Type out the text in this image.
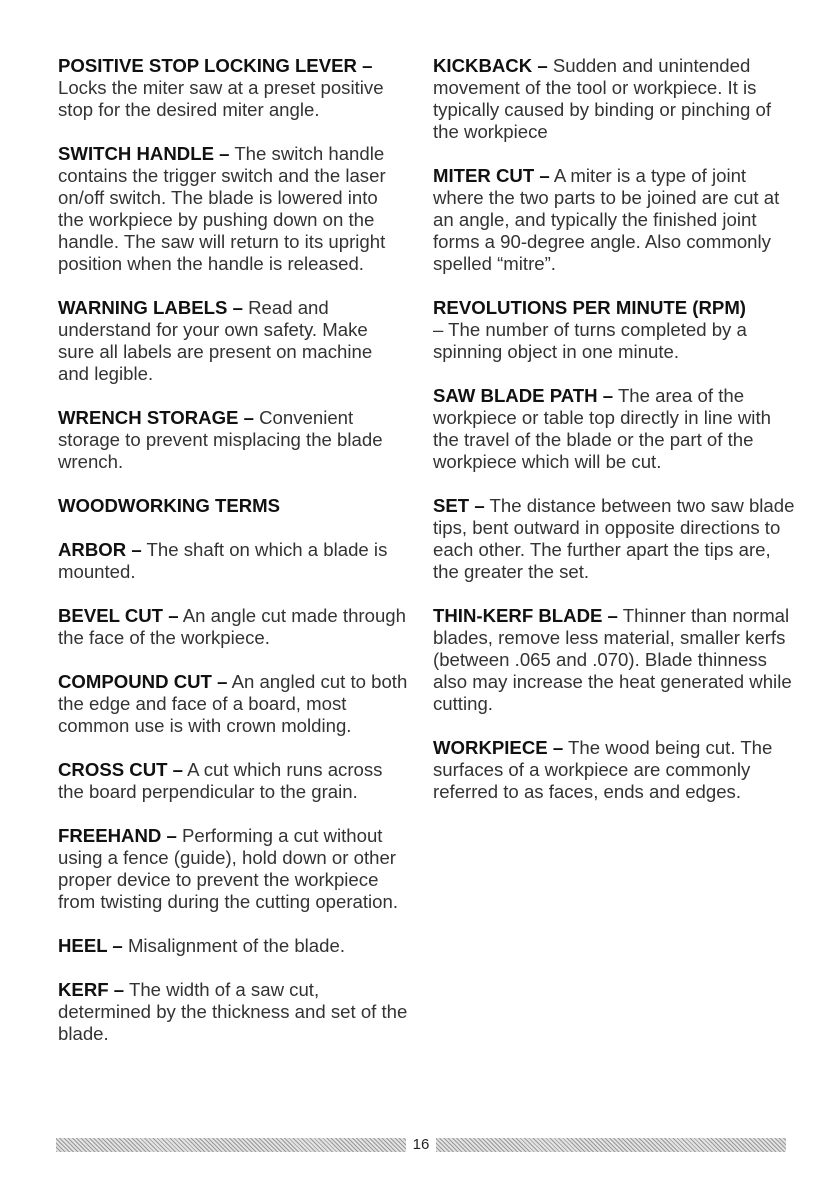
POSITIVE STOP LOCKING LEVER – Locks the miter saw at a preset positive stop for the desired miter angle.

SWITCH HANDLE – The switch handle contains the trigger switch and the laser on/off switch. The blade is lowered into the workpiece by pushing down on the handle. The saw will return to its upright position when the handle is released.

WARNING LABELS – Read and understand for your own safety. Make sure all labels are present on machine and legible.

WRENCH STORAGE – Convenient storage to prevent misplacing the blade wrench.

WOODWORKING TERMS

ARBOR – The shaft on which a blade is mounted.

BEVEL CUT – An angle cut made through the face of the workpiece.

COMPOUND CUT – An angled cut to both the edge and face of a board, most common use is with crown molding.

CROSS CUT – A cut which runs across the board perpendicular to the grain.

FREEHAND – Performing a cut without using a fence (guide), hold down or other proper device to prevent the workpiece from twisting during the cutting operation.

HEEL – Misalignment of the blade.

KERF – The width of a saw cut, determined by the thickness and set of the blade.

KICKBACK – Sudden and unintended movement of the tool or workpiece. It is typically caused by binding or pinching of the workpiece

MITER CUT – A miter is a type of joint where the two parts to be joined are cut at an angle, and typically the finished joint forms a 90-degree angle. Also commonly spelled “mitre”.

REVOLUTIONS PER MINUTE (RPM)
– The number of turns completed by a spinning object in one minute.

SAW BLADE PATH – The area of the workpiece or table top directly in line with the travel of the blade or the part of the workpiece which will be cut.

SET – The distance between two saw blade tips, bent outward in opposite directions to each other. The further apart the tips are, the greater the set.

THIN-KERF BLADE – Thinner than normal blades, remove less material, smaller kerfs (between .065 and .070). Blade thinness also may increase the heat generated while cutting.

WORKPIECE – The wood being cut. The surfaces of a workpiece are commonly referred to as faces, ends and edges.

16
